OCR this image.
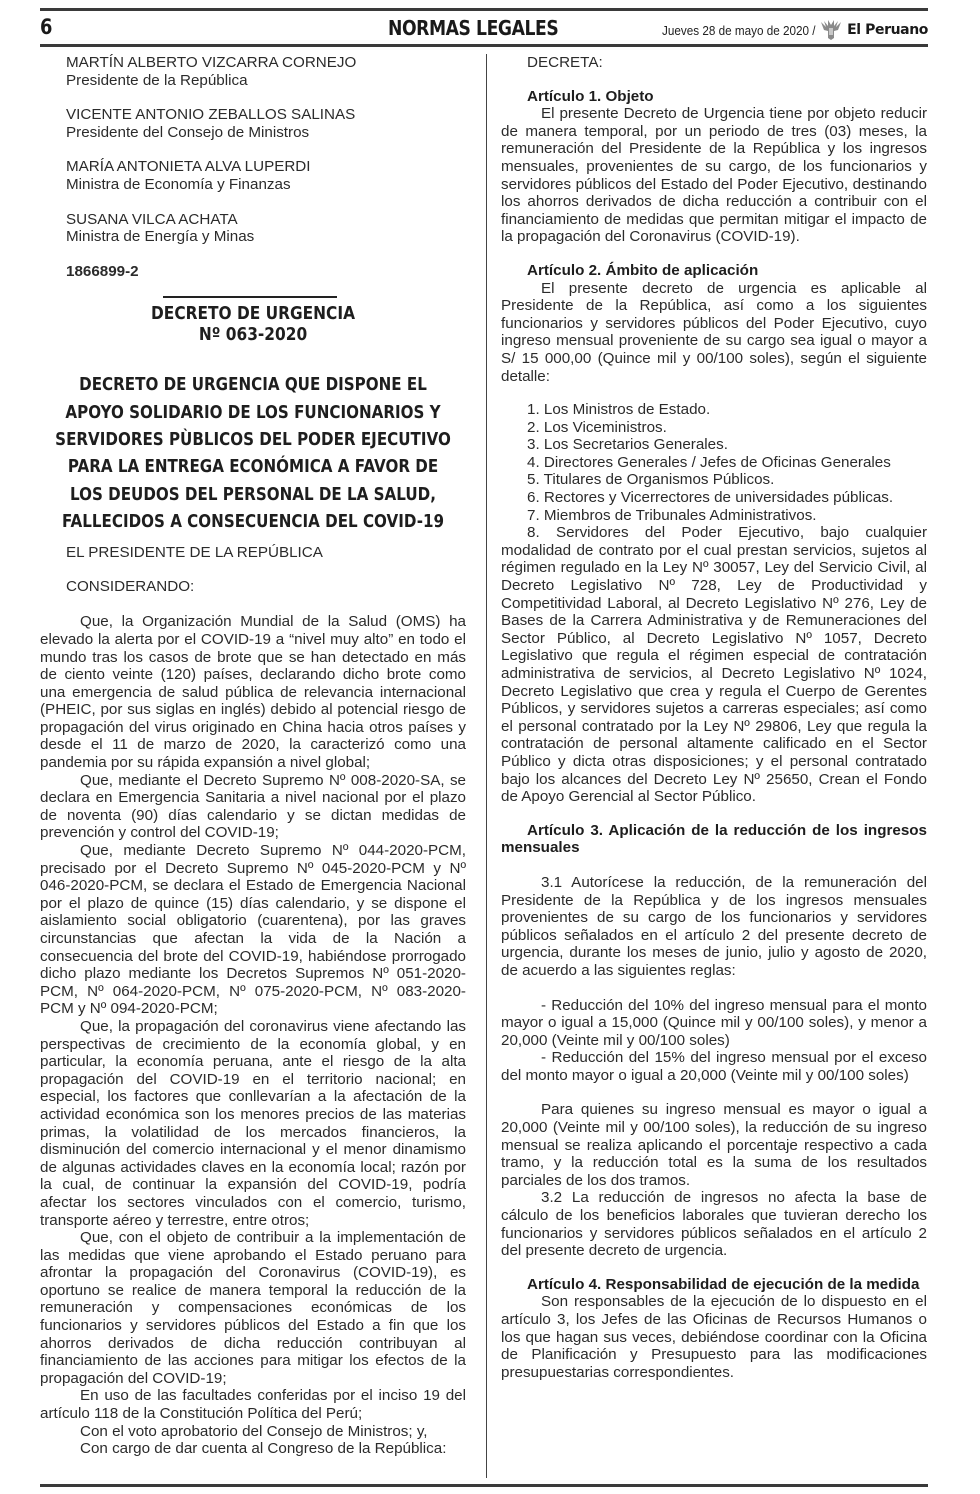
6	NORMAS LEGALES	Jueves 28 de mayo de 2020 / El Peruano
MARTÍN ALBERTO VIZCARRA CORNEJO
Presidente de la República
VICENTE ANTONIO ZEBALLOS SALINAS
Presidente del Consejo de Ministros
MARÍA ANTONIETA ALVA LUPERDI
Ministra de Economía y Finanzas
SUSANA VILCA ACHATA
Ministra de Energía y Minas
1866899-2
DECRETO DE URGENCIA
Nº 063-2020
DECRETO DE URGENCIA QUE DISPONE EL
APOYO SOLIDARIO DE LOS FUNCIONARIOS Y
SERVIDORES PÙBLICOS DEL PODER EJECUTIVO
PARA LA ENTREGA ECONÓMICA A FAVOR DE
LOS DEUDOS DEL PERSONAL DE LA SALUD,
FALLECIDOS A CONSECUENCIA DEL COVID-19
EL PRESIDENTE DE LA REPÚBLICA
CONSIDERANDO:

Que, la Organización Mundial de la Salud (OMS) ha elevado la alerta por el COVID-19 a “nivel muy alto” en todo el mundo tras los casos de brote que se han detectado en más de ciento veinte (120) países, declarando dicho brote como una emergencia de salud pública de relevancia internacional (PHEIC, por sus siglas en inglés) debido al potencial riesgo de propagación del virus originado en China hacia otros países y desde el 11 de marzo de 2020, la caracterizó como una pandemia por su rápida expansión a nivel global;

Que, mediante el Decreto Supremo Nº 008-2020-SA, se declara en Emergencia Sanitaria a nivel nacional por el plazo de noventa (90) días calendario y se dictan medidas de prevención y control del COVID-19;

Que, mediante Decreto Supremo Nº 044-2020-PCM, precisado por el Decreto Supremo Nº 045-2020-PCM y Nº 046-2020-PCM, se declara el Estado de Emergencia Nacional por el plazo de quince (15) días calendario, y se dispone el aislamiento social obligatorio (cuarentena), por las graves circunstancias que afectan la vida de la Nación a consecuencia del brote del COVID-19, habiéndose prorrogado dicho plazo mediante los Decretos Supremos Nº 051-2020-PCM, Nº 064-2020-PCM, Nº 075-2020-PCM, Nº 083-2020-PCM y Nº 094-2020-PCM;

Que, la propagación del coronavirus viene afectando las perspectivas de crecimiento de la economía global, y en particular, la economía peruana, ante el riesgo de la alta propagación del COVID-19 en el territorio nacional; en especial, los factores que conllevarían a la afectación de la actividad económica son los menores precios de las materias primas, la volatilidad de los mercados financieros, la disminución del comercio internacional y el menor dinamismo de algunas actividades claves en la economía local; razón por la cual, de continuar la expansión del COVID-19, podría afectar los sectores vinculados con el comercio, turismo, transporte aéreo y terrestre, entre otros;

Que, con el objeto de contribuir a la implementación de las medidas que viene aprobando el Estado peruano para afrontar la propagación del Coronavirus (COVID-19), es oportuno se realice de manera temporal la reducción de la remuneración y compensaciones económicas de los funcionarios y servidores públicos del Estado a fin que los ahorros derivados de dicha reducción contribuyan al financiamiento de las acciones para mitigar los efectos de la propagación del COVID-19;

En uso de las facultades conferidas por el inciso 19 del artículo 118 de la Constitución Política del Perú;

Con el voto aprobatorio del Consejo de Ministros; y,

Con cargo de dar cuenta al Congreso de la República:

DECRETA:
Artículo 1. Objeto

El presente Decreto de Urgencia tiene por objeto reducir de manera temporal, por un periodo de tres (03) meses, la remuneración del Presidente de la República y los ingresos mensuales, provenientes de su cargo, de los funcionarios y servidores públicos del Estado del Poder Ejecutivo, destinando los ahorros derivados de dicha reducción a contribuir con el financiamiento de medidas que permitan mitigar el impacto de la propagación del Coronavirus (COVID-19).

Artículo 2. Ámbito de aplicación

El presente decreto de urgencia es aplicable al Presidente de la República, así como a los siguientes funcionarios y servidores públicos del Poder Ejecutivo, cuyo ingreso mensual proveniente de su cargo sea igual o mayor a S/ 15 000,00 (Quince mil y 00/100 soles), según el siguiente detalle:

1. Los Ministros de Estado.
2. Los Viceministros.
3. Los Secretarios Generales.
4. Directores Generales / Jefes de Oficinas Generales
5. Titulares de Organismos Públicos.
6. Rectores y Vicerrectores de universidades públicas.
7. Miembros de Tribunales Administrativos.
8. Servidores del Poder Ejecutivo, bajo cualquier modalidad de contrato por el cual prestan servicios, sujetos al régimen regulado en la Ley Nº 30057, Ley del Servicio Civil, al Decreto Legislativo Nº 728, Ley de Productividad y Competitividad Laboral, al Decreto Legislativo Nº 276, Ley de Bases de la Carrera Administrativa y de Remuneraciones del Sector Público, al Decreto Legislativo Nº 1057, Decreto Legislativo que regula el régimen especial de contratación administrativa de servicios, al Decreto Legislativo Nº 1024, Decreto Legislativo que crea y regula el Cuerpo de Gerentes Públicos, y servidores sujetos a carreras especiales; así como el personal contratado por la Ley Nº 29806, Ley que regula la contratación de personal altamente calificado en el Sector Público y dicta otras disposiciones; y el personal contratado bajo los alcances del Decreto Ley Nº 25650, Crean el Fondo de Apoyo Gerencial al Sector Público.
Artículo 3. Aplicación de la reducción de los ingresos mensuales

3.1 Autorícese la reducción, de la remuneración del Presidente de la República y de los ingresos mensuales provenientes de su cargo de los funcionarios y servidores públicos señalados en el artículo 2 del presente decreto de urgencia, durante los meses de junio, julio y agosto de 2020, de acuerdo a las siguientes reglas:

- Reducción del 10% del ingreso mensual para el monto mayor o igual a 15,000 (Quince mil y 00/100 soles), y menor a 20,000 (Veinte mil y 00/100 soles)

- Reducción del 15% del ingreso mensual por el exceso del monto mayor o igual a 20,000 (Veinte mil y 00/100 soles)

Para quienes su ingreso mensual es mayor o igual a 20,000 (Veinte mil y 00/100 soles), la reducción de su ingreso mensual se realiza aplicando el porcentaje respectivo a cada tramo, y la reducción total es la suma de los resultados parciales de los dos tramos.

3.2 La reducción de ingresos no afecta la base de cálculo de los beneficios laborales que tuvieran derecho los funcionarios y servidores públicos señalados en el artículo 2 del presente decreto de urgencia.

Artículo 4. Responsabilidad de ejecución de la medida

Son responsables de la ejecución de lo dispuesto en el artículo 3, los Jefes de las Oficinas de Recursos Humanos o los que hagan sus veces, debiéndose coordinar con la Oficina de Planificación y Presupuesto para las modificaciones presupuestarias correspondientes.
